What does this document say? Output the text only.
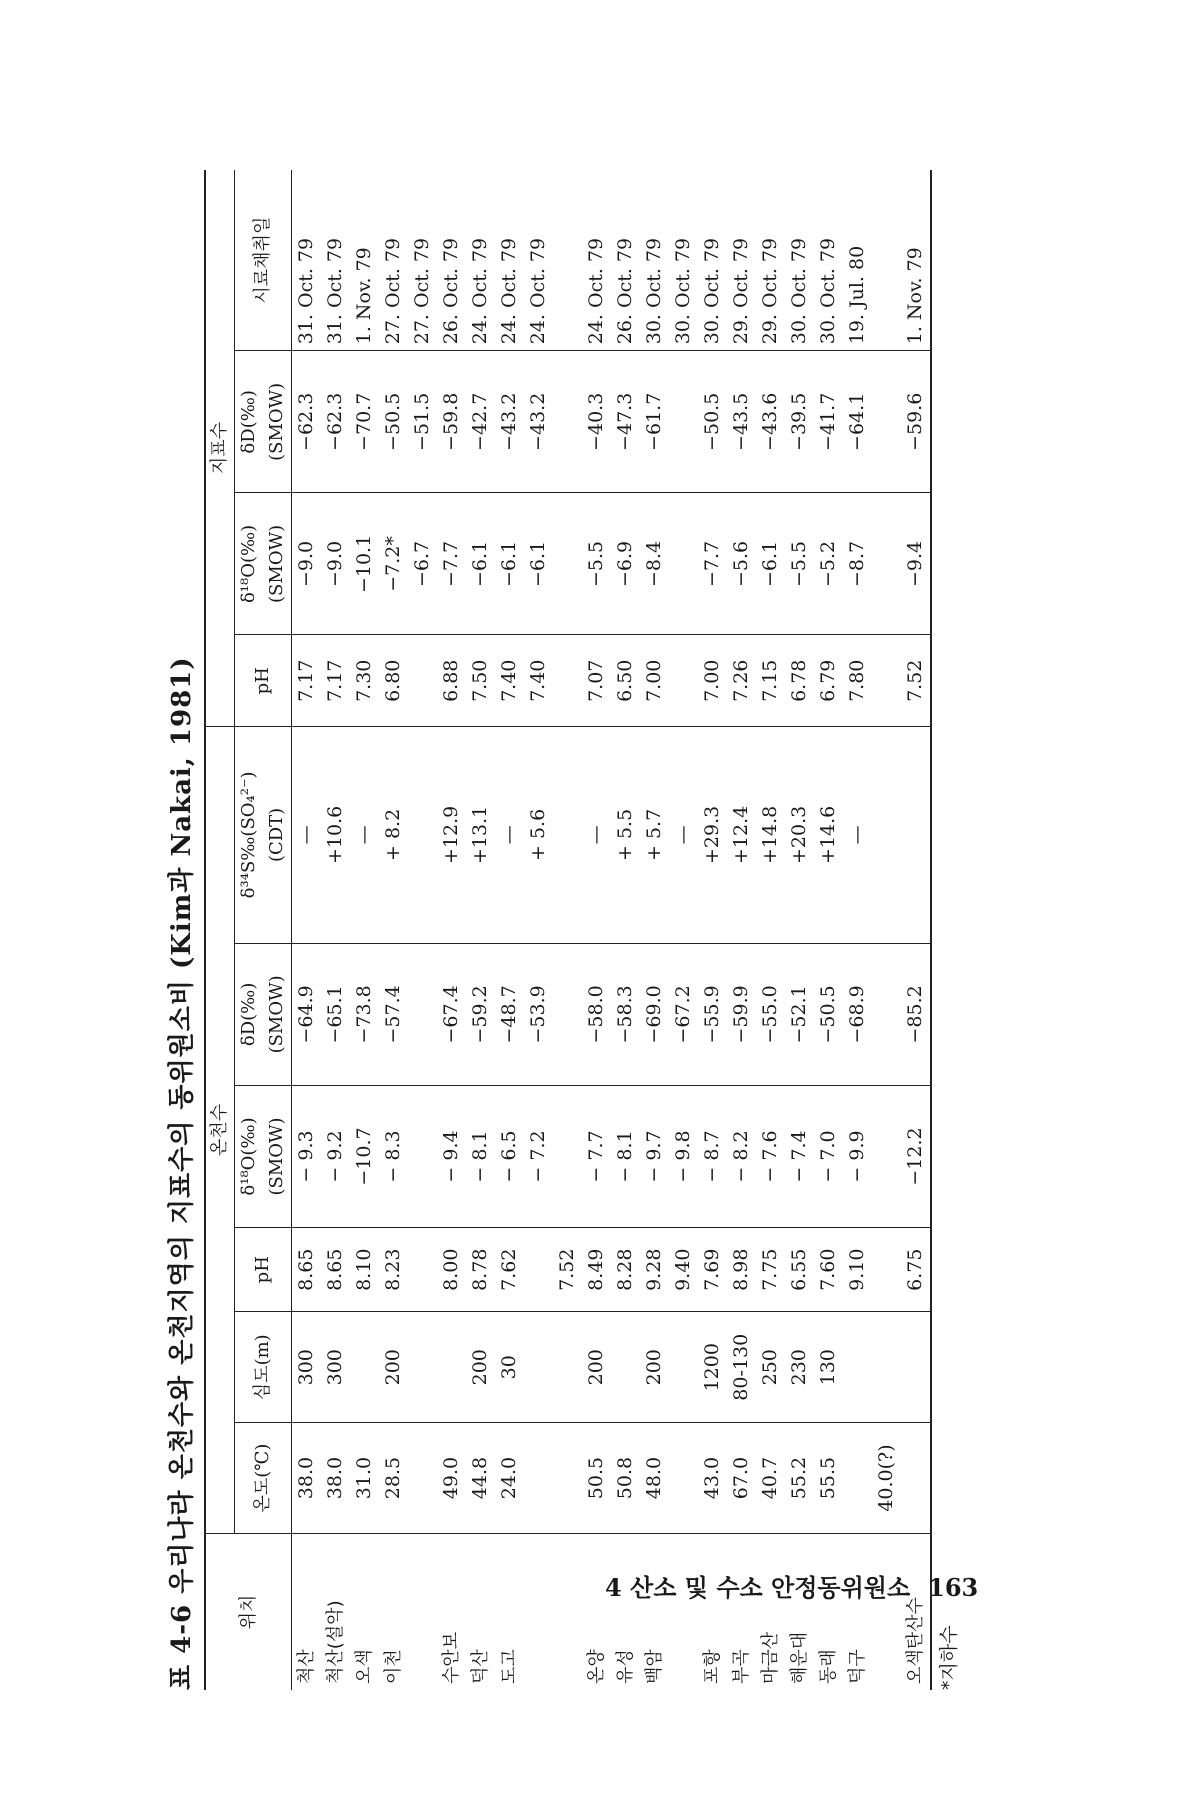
표 4-6 우리나라 온천수와 온천지역의 지표수의 동위원소비 (Kim과 Nakai, 1981)	위치	온천수						지표수			
	온도(℃)	심도(m)	pH	δ¹⁸O(‰)	δD(‰)	δ³⁴S‰(SO₄²⁻)	pH	δ¹⁸O(‰)	δD(‰)	시료채취일
				(SMOW)	(SMOW)	(CDT)		(SMOW)	(SMOW)	
척산	38.0	300	8.65	− 9.3	−64.9	—	7.17	−9.0	−62.3	31. Oct. 79
척산(설악)	38.0	300	8.65	− 9.2	−65.1	+10.6	7.17	−9.0	−62.3	31. Oct. 79
오색	31.0		8.10	−10.7	−73.8	—	7.30	−10.1	−70.7	1. Nov. 79
이천	28.5	200	8.23	− 8.3	−57.4	+ 8.2	6.80	−7.2*	−50.5	27. Oct. 79
								−6.7	−51.5	27. Oct. 79
수안보	49.0		8.00	− 9.4	−67.4	+12.9	6.88	−7.7	−59.8	26. Oct. 79
덕산	44.8	200	8.78	− 8.1	−59.2	+13.1	7.50	−6.1	−42.7	24. Oct. 79
도고	24.0	30	7.62	− 6.5	−48.7	—	7.40	−6.1	−43.2	24. Oct. 79
				− 7.2	−53.9	+ 5.6	7.40	−6.1	−43.2	24. Oct. 79
			7.52							
온양	50.5	200	8.49	− 7.7	−58.0	—	7.07	−5.5	−40.3	24. Oct. 79
유성	50.8		8.28	− 8.1	−58.3	+ 5.5	6.50	−6.9	−47.3	26. Oct. 79
백암	48.0	200	9.28	− 9.7	−69.0	+ 5.7	7.00	−8.4	−61.7	30. Oct. 79
			9.40	− 9.8	−67.2	—				30. Oct. 79
포항	43.0	1200	7.69	− 8.7	−55.9	+29.3	7.00	−7.7	−50.5	30. Oct. 79
부곡	67.0	80-130	8.98	− 8.2	−59.9	+12.4	7.26	−5.6	−43.5	29. Oct. 79
마금산	40.7	250	7.75	− 7.6	−55.0	+14.8	7.15	−6.1	−43.6	29. Oct. 79
해운대	55.2	230	6.55	− 7.4	−52.1	+20.3	6.78	−5.5	−39.5	30. Oct. 79
동래	55.5	130	7.60	− 7.0	−50.5	+14.6	6.79	−5.2	−41.7	30. Oct. 79
덕구			9.10	− 9.9	−68.9	—	7.80	−8.7	−64.1	19. Jul. 80
	40.0(?)									
오색탄산수			6.75	−12.2	−85.2		7.52	−9.4	−59.6	1. Nov. 79
*지하수
4 산소 및 수소 안정동위원소 163
